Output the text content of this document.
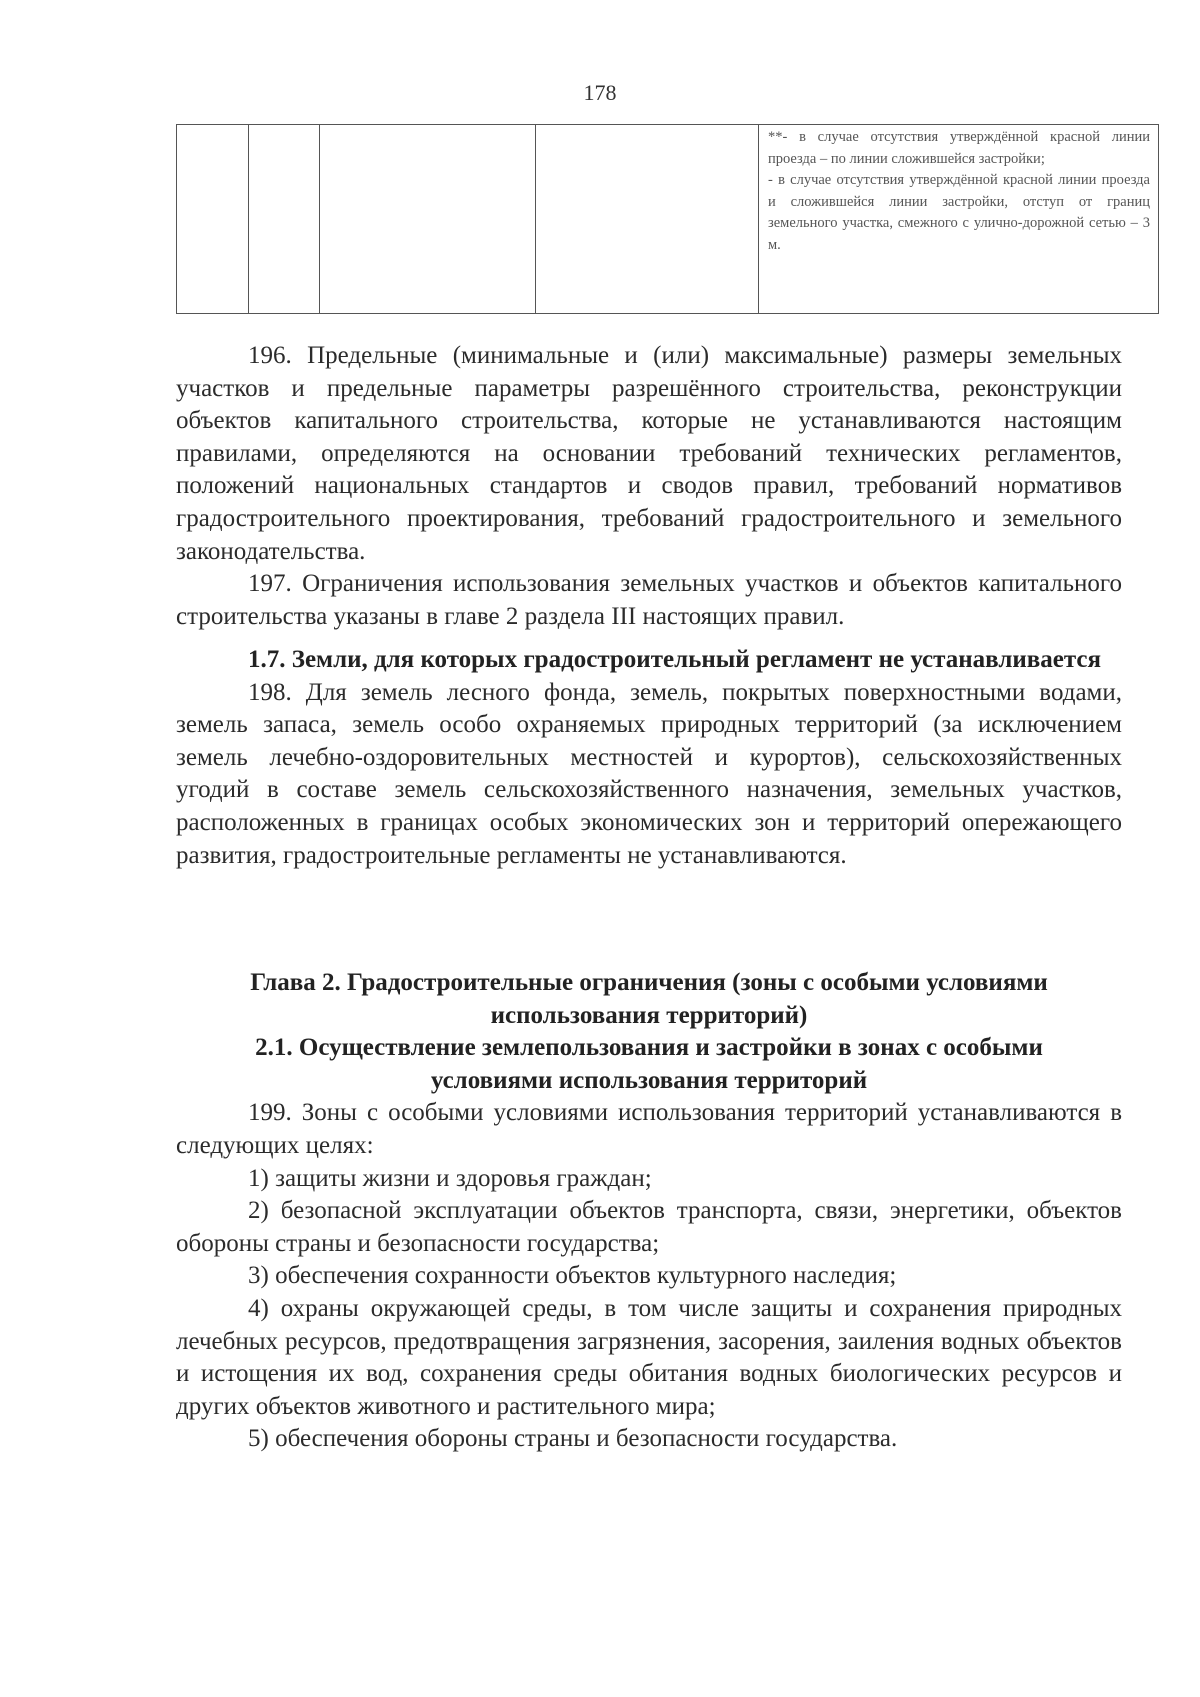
178

**- в случае отсутствия утверждённой красной линии проезда – по линии сложившейся застройки;
- в случае отсутствия утверждённой красной линии проезда и сложившейся линии застройки, отступ от границ земельного участка, смежного с улично-дорожной сетью – 3 м.

196. Предельные (минимальные и (или) максимальные) размеры земельных участков и предельные параметры разрешённого строительства, реконструкции объектов капитального строительства, которые не устанавливаются настоящим правилами, определяются на основании требований технических регламентов, положений национальных стандартов и сводов правил, требований нормативов градостроительного проектирования, требований градостроительного и земельного законодательства.

197. Ограничения использования земельных участков и объектов капитального строительства указаны в главе 2 раздела III настоящих правил.

1.7. Земли, для которых градостроительный регламент не устанавливается

198. Для земель лесного фонда, земель, покрытых поверхностными водами, земель запаса, земель особо охраняемых природных территорий (за исключением земель лечебно-оздоровительных местностей и курортов), сельскохозяйственных угодий в составе земель сельскохозяйственного назначения, земельных участков, расположенных в границах особых экономических зон и территорий опережающего развития, градостроительные регламенты не устанавливаются.

Глава 2. Градостроительные ограничения (зоны с особыми условиями
использования территорий)

2.1. Осуществление землепользования и застройки в зонах с особыми
условиями использования территорий

199. Зоны с особыми условиями использования территорий устанавливаются в следующих целях:

1) защиты жизни и здоровья граждан;

2) безопасной эксплуатации объектов транспорта, связи, энергетики, объектов обороны страны и безопасности государства;

3) обеспечения сохранности объектов культурного наследия;

4) охраны окружающей среды, в том числе защиты и сохранения природных лечебных ресурсов, предотвращения загрязнения, засорения, заиления водных объектов и истощения их вод, сохранения среды обитания водных биологических ресурсов и других объектов животного и растительного мира;

5) обеспечения обороны страны и безопасности государства.
